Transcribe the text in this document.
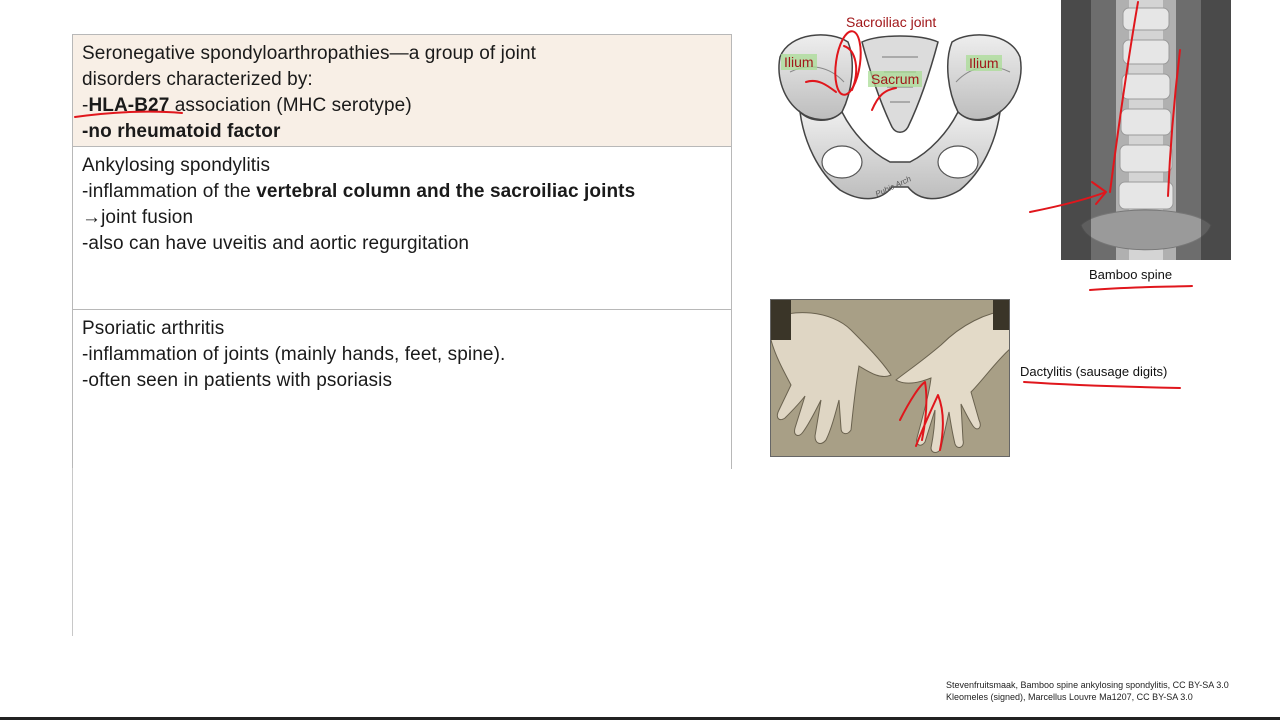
Seronegative spondyloarthropathies—a group of joint
disorders characterized by:
-HLA-B27 association (MHC serotype)
-no rheumatoid factor
Ankylosing spondylitis
-inflammation of the vertebral column and the sacroiliac joints
→joint fusion
-also can have uveitis and aortic regurgitation
Psoriatic arthritis
-inflammation of joints (mainly hands, feet, spine).
-often seen in patients with psoriasis
Sacroiliac joint
Ilium
Sacrum
Ilium
Pubic Arch
Bamboo spine
Dactylitis (sausage digits)
Stevenfruitsmaak, Bamboo spine ankylosing spondylitis, CC BY-SA 3.0
Kleomeles (signed), Marcellus Louvre Ma1207, CC BY-SA 3.0
